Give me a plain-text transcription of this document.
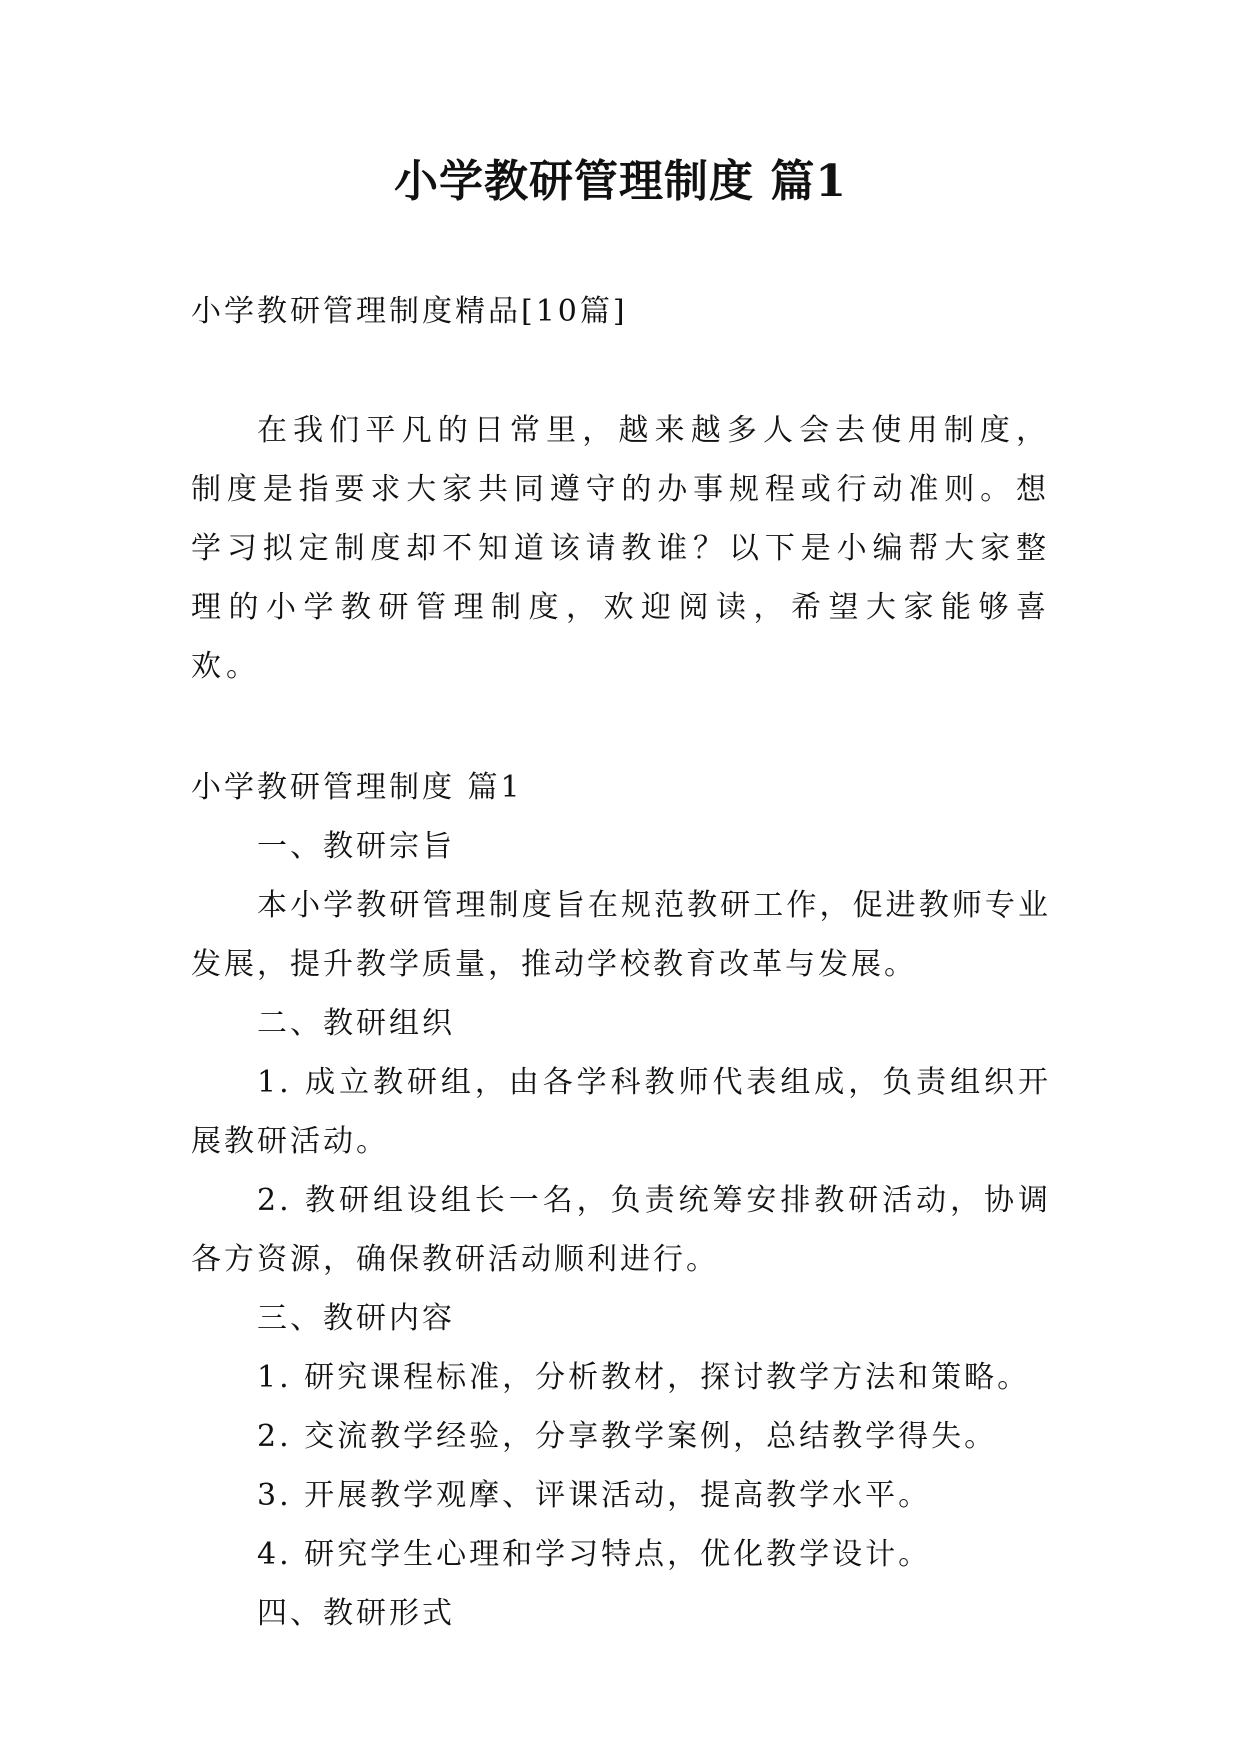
小学教研管理制度 篇1

小学教研管理制度精品[10篇]

在我们平凡的日常里，越来越多人会去使用制度，制度是指要求大家共同遵守的办事规程或行动准则。想学习拟定制度却不知道该请教谁？以下是小编帮大家整理的小学教研管理制度，欢迎阅读，希望大家能够喜欢。

小学教研管理制度 篇1

一、教研宗旨

本小学教研管理制度旨在规范教研工作，促进教师专业发展，提升教学质量，推动学校教育改革与发展。

二、教研组织

1. 成立教研组，由各学科教师代表组成，负责组织开展教研活动。

2. 教研组设组长一名，负责统筹安排教研活动，协调各方资源，确保教研活动顺利进行。

三、教研内容

1. 研究课程标准，分析教材，探讨教学方法和策略。

2. 交流教学经验，分享教学案例，总结教学得失。

3. 开展教学观摩、评课活动，提高教学水平。

4. 研究学生心理和学习特点，优化教学设计。

四、教研形式
